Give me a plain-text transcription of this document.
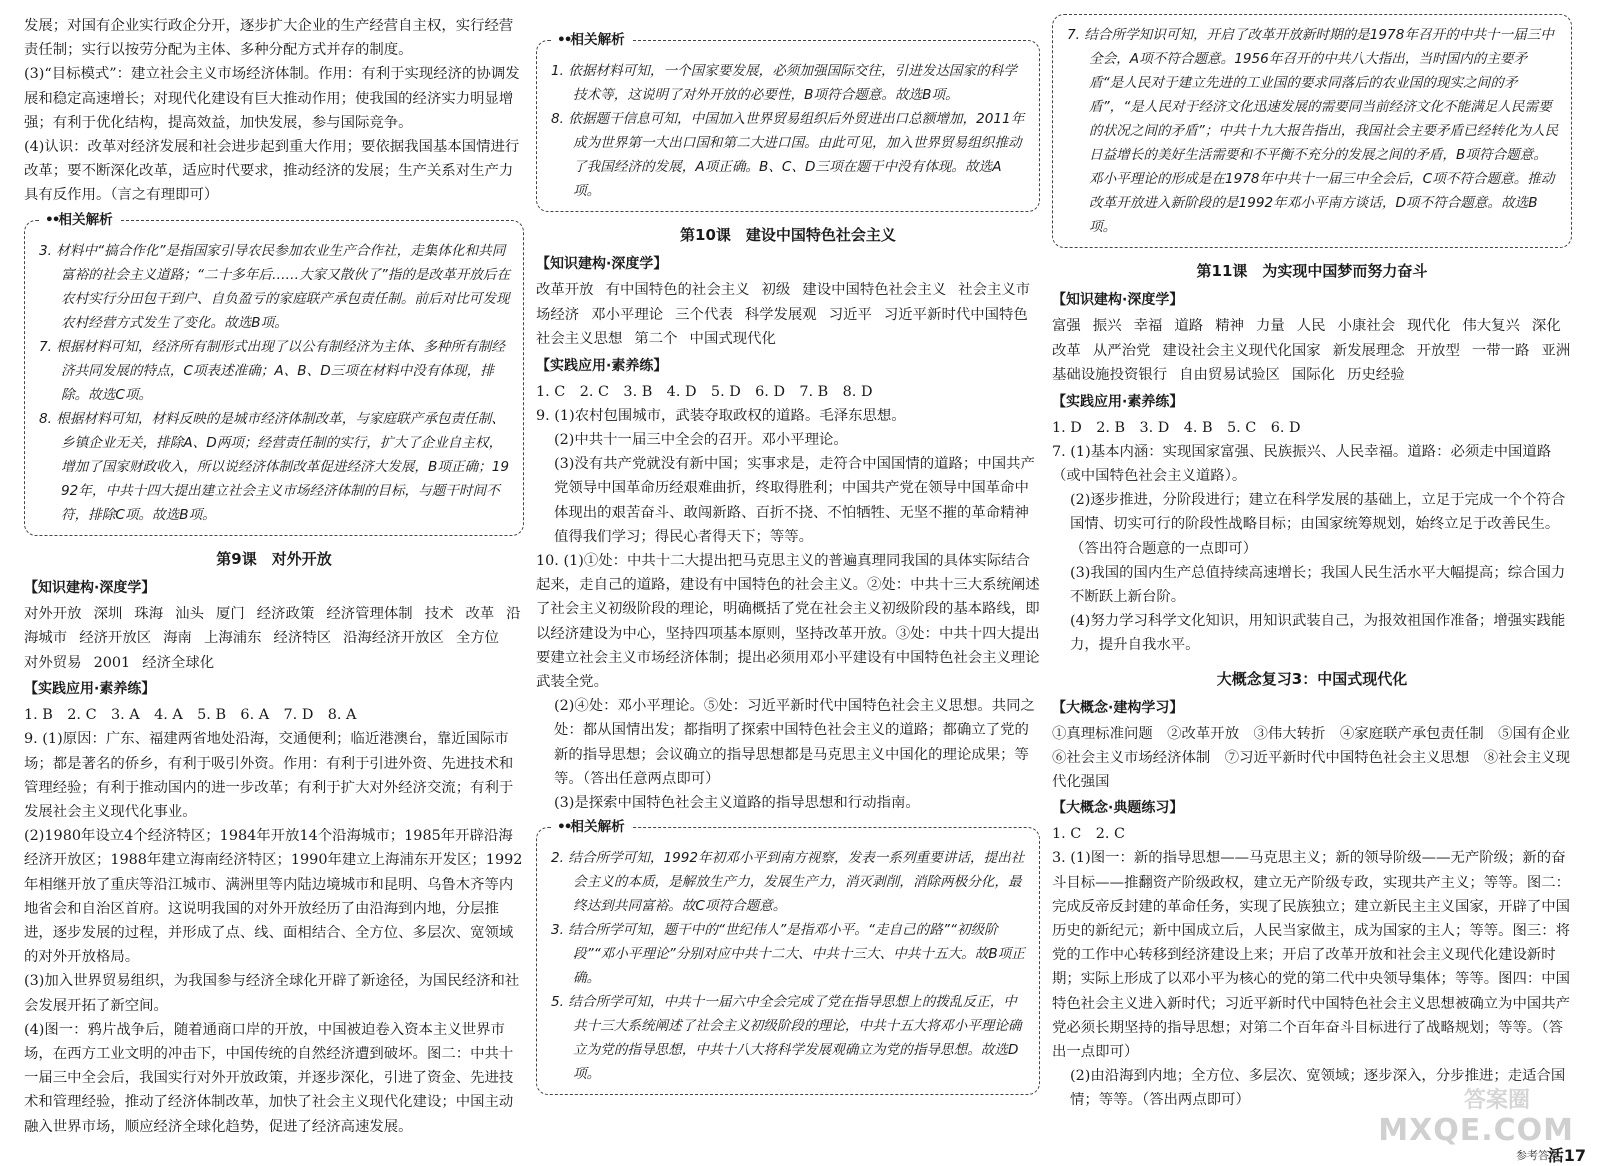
发展；对国有企业实行政企分开，逐步扩大企业的生产经营自主权，实行经营责任制；实行以按劳分配为主体、多种分配方式并存的制度。

(3)“目标模式”：建立社会主义市场经济体制。作用：有利于实现经济的协调发展和稳定高速增长；对现代化建设有巨大推动作用；使我国的经济实力明显增强；有利于优化结构，提高效益，加快发展，参与国际竞争。

(4)认识：改革对经济发展和社会进步起到重大作用；要依据我国基本国情进行改革；要不断深化改革，适应时代要求，推动经济的发展；生产关系对生产力具有反作用。（言之有理即可）

•• 相关解析

3. 材料中“搞合作化”是指国家引导农民参加农业生产合作社，走集体化和共同富裕的社会主义道路；“二十多年后……大家又散伙了”指的是改革开放后在农村实行分田包干到户、自负盈亏的家庭联产承包责任制。前后对比可发现农村经营方式发生了变化。故选B项。

7. 根据材料可知，经济所有制形式出现了以公有制经济为主体、多种所有制经济共同发展的特点，C项表述准确；A、B、D三项在材料中没有体现，排除。故选C项。

8. 根据材料可知，材料反映的是城市经济体制改革，与家庭联产承包责任制、乡镇企业无关，排除A、D两项；经营责任制的实行，扩大了企业自主权，增加了国家财政收入，所以说经济体制改革促进经济大发展，B项正确；1992年，中共十四大提出建立社会主义市场经济体制的目标，与题干时间不符，排除C项。故选B项。

第9课　对外开放
【知识建构·深度学】

对外开放 深圳 珠海 汕头 厦门 经济政策 经济管理体制 技术 改革 沿海城市 经济开放区 海南 上海浦东 经济特区 沿海经济开放区 全方位对外贸易 2001 经济全球化

【实践应用·素养练】

1. B　2. C　3. A　4. A　5. B　6. A　7. D　8. A

9. (1)原因：广东、福建两省地处沿海，交通便利；临近港澳台，靠近国际市场；都是著名的侨乡，有利于吸引外资。作用：有利于引进外资、先进技术和管理经验；有利于推动国内的进一步改革；有利于扩大对外经济交流；有利于发展社会主义现代化事业。

(2)1980年设立4个经济特区；1984年开放14个沿海城市；1985年开辟沿海经济开放区；1988年建立海南经济特区；1990年建立上海浦东开发区；1992年相继开放了重庆等沿江城市、满洲里等内陆边境城市和昆明、乌鲁木齐等内地省会和自治区首府。这说明我国的对外开放经历了由沿海到内地，分层推进，逐步发展的过程，并形成了点、线、面相结合、全方位、多层次、宽领域的对外开放格局。

(3)加入世界贸易组织，为我国参与经济全球化开辟了新途径，为国民经济和社会发展开拓了新空间。

(4)图一：鸦片战争后，随着通商口岸的开放，中国被迫卷入资本主义世界市场，在西方工业文明的冲击下，中国传统的自然经济遭到破坏。图二：中共十一届三中全会后，我国实行对外开放政策，并逐步深化，引进了资金、先进技术和管理经验，推动了经济体制改革，加快了社会主义现代化建设；中国主动融入世界市场，顺应经济全球化趋势，促进了经济高速发展。

•• 相关解析

1. 依据材料可知，一个国家要发展，必须加强国际交往，引进发达国家的科学技术等，这说明了对外开放的必要性，B项符合题意。故选B项。

8. 依据题干信息可知，中国加入世界贸易组织后外贸进出口总额增加，2011年成为世界第一大出口国和第二大进口国。由此可见，加入世界贸易组织推动了我国经济的发展，A项正确。B、C、D三项在题干中没有体现。故选A项。

第10课　建设中国特色社会主义
【知识建构·深度学】

改革开放 有中国特色的社会主义 初级 建设中国特色社会主义 社会主义市场经济 邓小平理论 三个代表 科学发展观 习近平 习近平新时代中国特色社会主义思想 第二个 中国式现代化

【实践应用·素养练】

1. C　2. C　3. B　4. D　5. D　6. D　7. B　8. D

9. (1)农村包围城市，武装夺取政权的道路。毛泽东思想。

(2)中共十一届三中全会的召开。邓小平理论。

(3)没有共产党就没有新中国；实事求是，走符合中国国情的道路；中国共产党领导中国革命历经艰难曲折，终取得胜利；中国共产党在领导中国革命中体现出的艰苦奋斗、敢闯新路、百折不挠、不怕牺牲、无坚不摧的革命精神值得我们学习；得民心者得天下；等等。

10. (1)①处：中共十二大提出把马克思主义的普遍真理同我国的具体实际结合起来，走自己的道路，建设有中国特色的社会主义。②处：中共十三大系统阐述了社会主义初级阶段的理论，明确概括了党在社会主义初级阶段的基本路线，即以经济建设为中心，坚持四项基本原则，坚持改革开放。③处：中共十四大提出要建立社会主义市场经济体制；提出必须用邓小平建设有中国特色社会主义理论武装全党。

(2)④处：邓小平理论。⑤处：习近平新时代中国特色社会主义思想。共同之处：都从国情出发；都指明了探索中国特色社会主义的道路；都确立了党的新的指导思想；会议确立的指导思想都是马克思主义中国化的理论成果；等等。（答出任意两点即可）

(3)是探索中国特色社会主义道路的指导思想和行动指南。

•• 相关解析

2. 结合所学可知，1992年初邓小平到南方视察，发表一系列重要讲话，提出社会主义的本质，是解放生产力，发展生产力，消灭剥削，消除两极分化，最终达到共同富裕。故C项符合题意。

3. 结合所学可知，题干中的“世纪伟人”是指邓小平。“走自己的路”“初级阶段”“邓小平理论”分别对应中共十二大、中共十三大、中共十五大。故B项正确。

5. 结合所学可知，中共十一届六中全会完成了党在指导思想上的拨乱反正，中共十三大系统阐述了社会主义初级阶段的理论，中共十五大将邓小平理论确立为党的指导思想，中共十八大将科学发展观确立为党的指导思想。故选D项。

7. 结合所学知识可知，开启了改革开放新时期的是1978年召开的中共十一届三中全会，A项不符合题意。1956年召开的中共八大指出，当时国内的主要矛盾“是人民对于建立先进的工业国的要求同落后的农业国的现实之间的矛盾”，“是人民对于经济文化迅速发展的需要同当前经济文化不能满足人民需要的状况之间的矛盾”；中共十九大报告指出，我国社会主要矛盾已经转化为人民日益增长的美好生活需要和不平衡不充分的发展之间的矛盾，B项符合题意。邓小平理论的形成是在1978年中共十一届三中全会后，C项不符合题意。推动改革开放进入新阶段的是1992年邓小平南方谈话，D项不符合题意。故选B项。

第11课　为实现中国梦而努力奋斗
【知识建构·深度学】

富强 振兴 幸福 道路 精神 力量 人民 小康社会 现代化 伟大复兴 深化改革 从严治党 建设社会主义现代化国家 新发展理念 开放型 一带一路 亚洲基础设施投资银行 自由贸易试验区 国际化 历史经验

【实践应用·素养练】

1. D　2. B　3. D　4. B　5. C　6. D

7. (1)基本内涵：实现国家富强、民族振兴、人民幸福。道路：必须走中国道路（或中国特色社会主义道路）。

(2)逐步推进，分阶段进行；建立在科学发展的基础上，立足于完成一个个符合国情、切实可行的阶段性战略目标；由国家统筹规划，始终立足于改善民生。（答出符合题意的一点即可）

(3)我国的国内生产总值持续高速增长；我国人民生活水平大幅提高；综合国力不断跃上新台阶。

(4)努力学习科学文化知识，用知识武装自己，为报效祖国作准备；增强实践能力，提升自我水平。

大概念复习3：中国式现代化
【大概念·建构学习】

①真理标准问题　②改革开放　③伟大转折　④家庭联产承包责任制　⑤国有企业　⑥社会主义市场经济体制　⑦习近平新时代中国特色社会主义思想　⑧社会主义现代化强国

【大概念·典题练习】

1. C　2. C

3. (1)图一：新的指导思想——马克思主义；新的领导阶级——无产阶级；新的奋斗目标——推翻资产阶级政权，建立无产阶级专政，实现共产主义；等等。图二：完成反帝反封建的革命任务，实现了民族独立；建立新民主主义国家，开辟了中国历史的新纪元；新中国成立后，人民当家做主，成为国家的主人；等等。图三：将党的工作中心转移到经济建设上来；开启了改革开放和社会主义现代化建设新时期；实际上形成了以邓小平为核心的党的第二代中央领导集体；等等。图四：中国特色社会主义进入新时代；习近平新时代中国特色社会主义思想被确立为中国共产党必须长期坚持的指导思想；对第二个百年奋斗目标进行了战略规划；等等。（答出一点即可）

(2)由沿海到内地；全方位、多层次、宽领域；逐步深入，分步推进；走适合国情；等等。（答出两点即可）	答案圈
MXQE.COM
参考答案
活17
